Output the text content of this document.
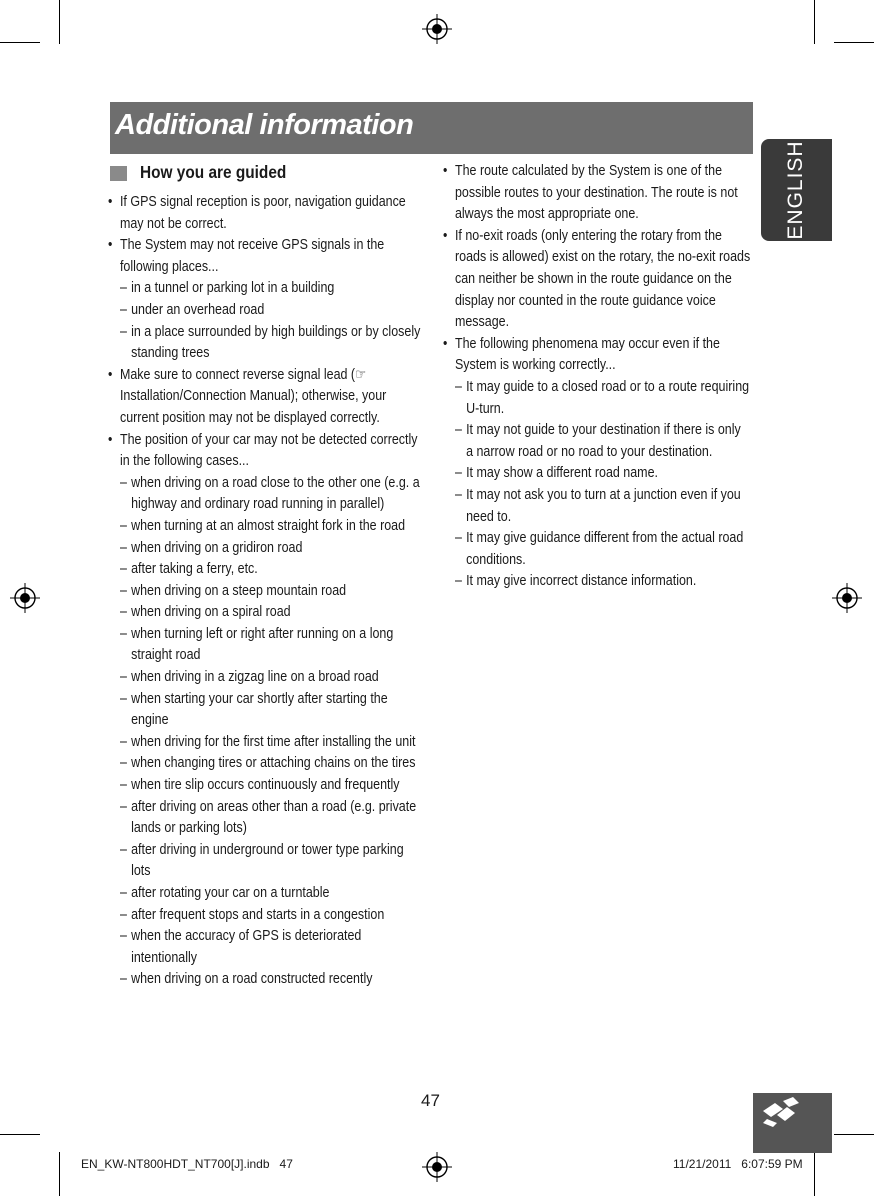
Additional information
ENGLISH
How you are guided
• If GPS signal reception is poor, navigation guidance may not be correct.
• The System may not receive GPS signals in the following places...
– in a tunnel or parking lot in a building
– under an overhead road
– in a place surrounded by high buildings or by closely standing trees
• Make sure to connect reverse signal lead (☞ Installation/Connection Manual); otherwise, your current position may not be displayed correctly.
• The position of your car may not be detected correctly in the following cases...
– when driving on a road close to the other one (e.g. a highway and ordinary road running in parallel)
– when turning at an almost straight fork in the road
– when driving on a gridiron road
– after taking a ferry, etc.
– when driving on a steep mountain road
– when driving on a spiral road
– when turning left or right after running on a long straight road
– when driving in a zigzag line on a broad road
– when starting your car shortly after starting the engine
– when driving for the first time after installing the unit
– when changing tires or attaching chains on the tires
– when tire slip occurs continuously and frequently
– after driving on areas other than a road (e.g. private lands or parking lots)
– after driving in underground or tower type parking lots
– after rotating your car on a turntable
– after frequent stops and starts in a congestion
– when the accuracy of GPS is deteriorated intentionally
– when driving on a road constructed recently
• The route calculated by the System is one of the possible routes to your destination. The route is not always the most appropriate one.
• If no-exit roads (only entering the rotary from the roads is allowed) exist on the rotary, the no-exit roads can neither be shown in the route guidance on the display nor counted in the route guidance voice message.
• The following phenomena may occur even if the System is working correctly...
– It may guide to a closed road or to a route requiring U-turn.
– It may not guide to your destination if there is only a narrow road or no road to your destination.
– It may show a different road name.
– It may not ask you to turn at a junction even if you need to.
– It may give guidance different from the actual road conditions.
– It may give incorrect distance information.
47
EN_KW-NT800HDT_NT700[J].indb   47	11/21/2011   6:07:59 PM
